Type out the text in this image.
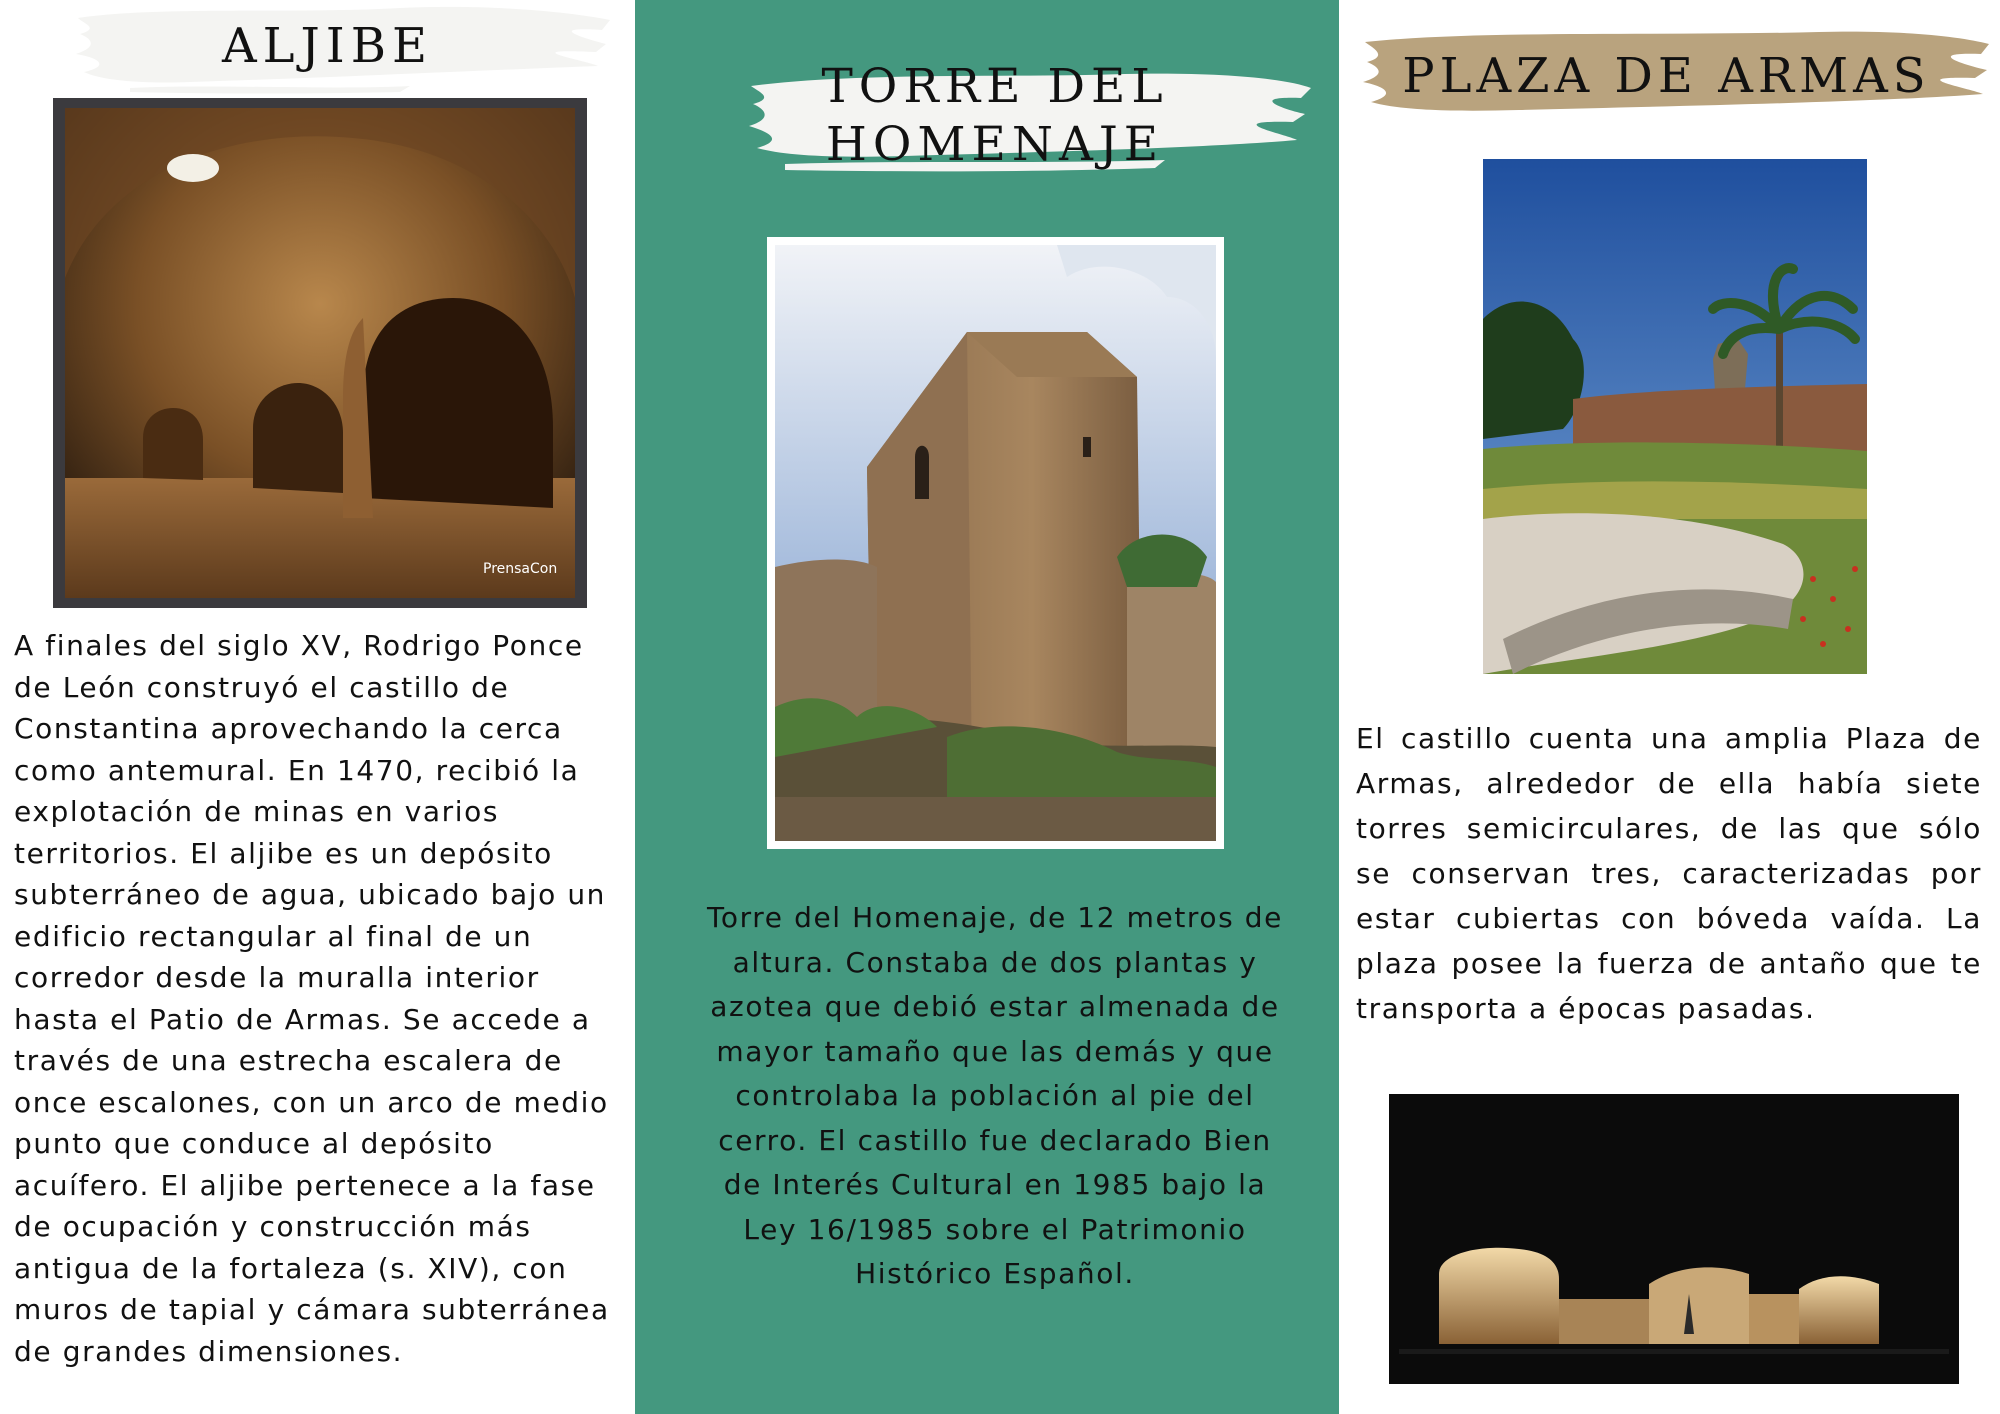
ALJIBE
PrensaCon

A finales del siglo XV, Rodrigo Ponce de León construyó el castillo de Constantina aprovechando la cerca como antemural. En 1470, recibió la explotación de minas en varios territorios. El aljibe es un depósito subterráneo de agua, ubicado bajo un edificio rectangular al final de un corredor desde la muralla interior hasta el Patio de Armas. Se accede a través de una estrecha escalera de once escalones, con un arco de medio punto que conduce al depósito acuífero. El aljibe pertenece a la fase de ocupación y construcción más antigua de la fortaleza (s. XIV), con muros de tapial y cámara subterránea de grandes dimensiones.

TORRE DEL
HOMENAJE

Torre del Homenaje, de 12 metros de altura. Constaba de dos plantas y azotea que debió estar almenada de mayor tamaño que las demás y que controlaba la población al pie del cerro. El castillo fue declarado Bien de Interés Cultural en 1985 bajo la Ley 16/1985 sobre el Patrimonio Histórico Español.

PLAZA DE ARMAS

El castillo cuenta una amplia Plaza de Armas, alrededor de ella había siete torres semicirculares, de las que sólo se conservan tres, caracterizadas por estar cubiertas con bóveda vaída. La plaza posee la fuerza de antaño que te transporta a épocas pasadas.
